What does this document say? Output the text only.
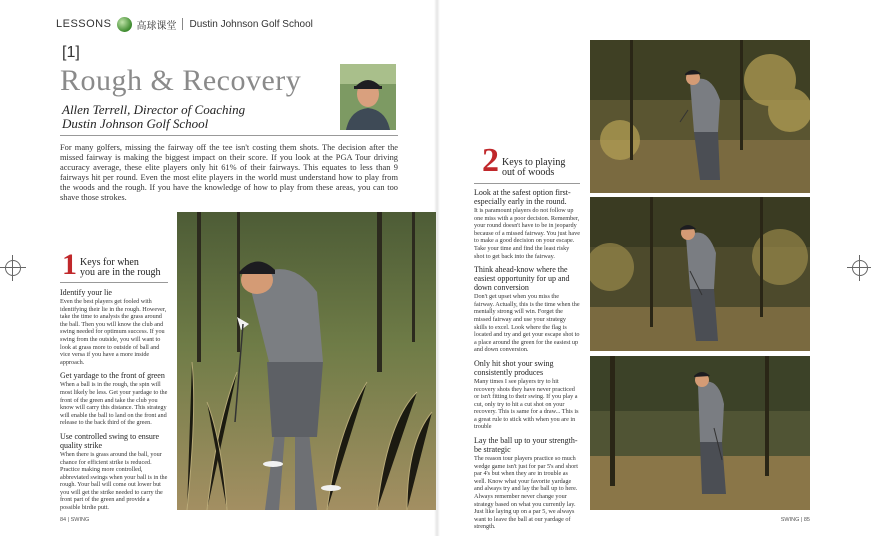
LESSONS	高球课堂 Dustin Johnson Golf School
[1]
Rough & Recovery
Allen Terrell, Director of Coaching
Dustin Johnson Golf School

For many golfers, missing the fairway off the tee isn't costing them shots. The decision after the missed fairway is making the biggest impact on their score. If you look at the PGA Tour driving accuracy average, these elite players only hit 61% of their fairways. This equates to less than 9 fairways hit per round. Even the most elite players in the world must understand how to play from the woods and the rough. If you have the knowledge of how to play from these areas, you can too shave those strokes.

1 Keys for when
you are in the rough
Identify your lie

Even the best players get fooled with identifying their lie in the rough. However, take the time to analysis the grass around the ball. Then you will know the club and swing needed for optimum success. If you swing from the outside, you will want to look at grass more to outside of ball and vice versa if you have a more inside approach.

Get yardage to the front of green

When a ball is in the rough, the spin will most likely be less. Get your yardage to the front of the green and take the club you know will carry this distance. This strategy will enable the ball to land on the front and release to the back third of the green.

Use controlled swing to ensure quality strike

When there is grass around the ball, your chance for efficient strike is reduced. Practice making more controlled, abbreviated swings when your ball is in the rough. Your ball will come out lower but you will get the strike needed to carry the front part of the green and provide a possible birdie putt.

2 Keys to playing
out of woods
Look at the safest option first- especially early in the round.

It is paramount players do not follow up one miss with a poor decision. Remember, your round doesn't have to be in jeopardy because of a missed fairway. You just have to make a good decision on your escape. Take your time and find the least risky shot to get back into the fairway.

Think ahead-know where the easiest opportunity for up and down conversion

Don't get upset when you miss the fairway. Actually, this is the time when the mentally strong will win. Forget the missed fairway and use your strategy skills to excel. Look where the flag is located and try and get your escape shot to a place around the green for the easiest up and down conversion.

Only hit shot your swing consistently produces

Many times I see players try to hit recovery shots they have never practiced or isn't fitting to their swing. If you play a cut, only try to hit a cut shot on your recovery. This is same for a draw... This is a great rule to stick with when you are in trouble

Lay the ball up to your strength-be strategic

The reason tour players practice so much wedge game isn't just for par 5's and short par 4's but when they are in trouble as well. Know what your favorite yardage and always try and lay the ball up to here. Always remember never change your strategy based on what you currently lay. Just like laying up on a par 5, we always want to leave the ball at our yardage of strength.

84 | SWING	SWING | 85
